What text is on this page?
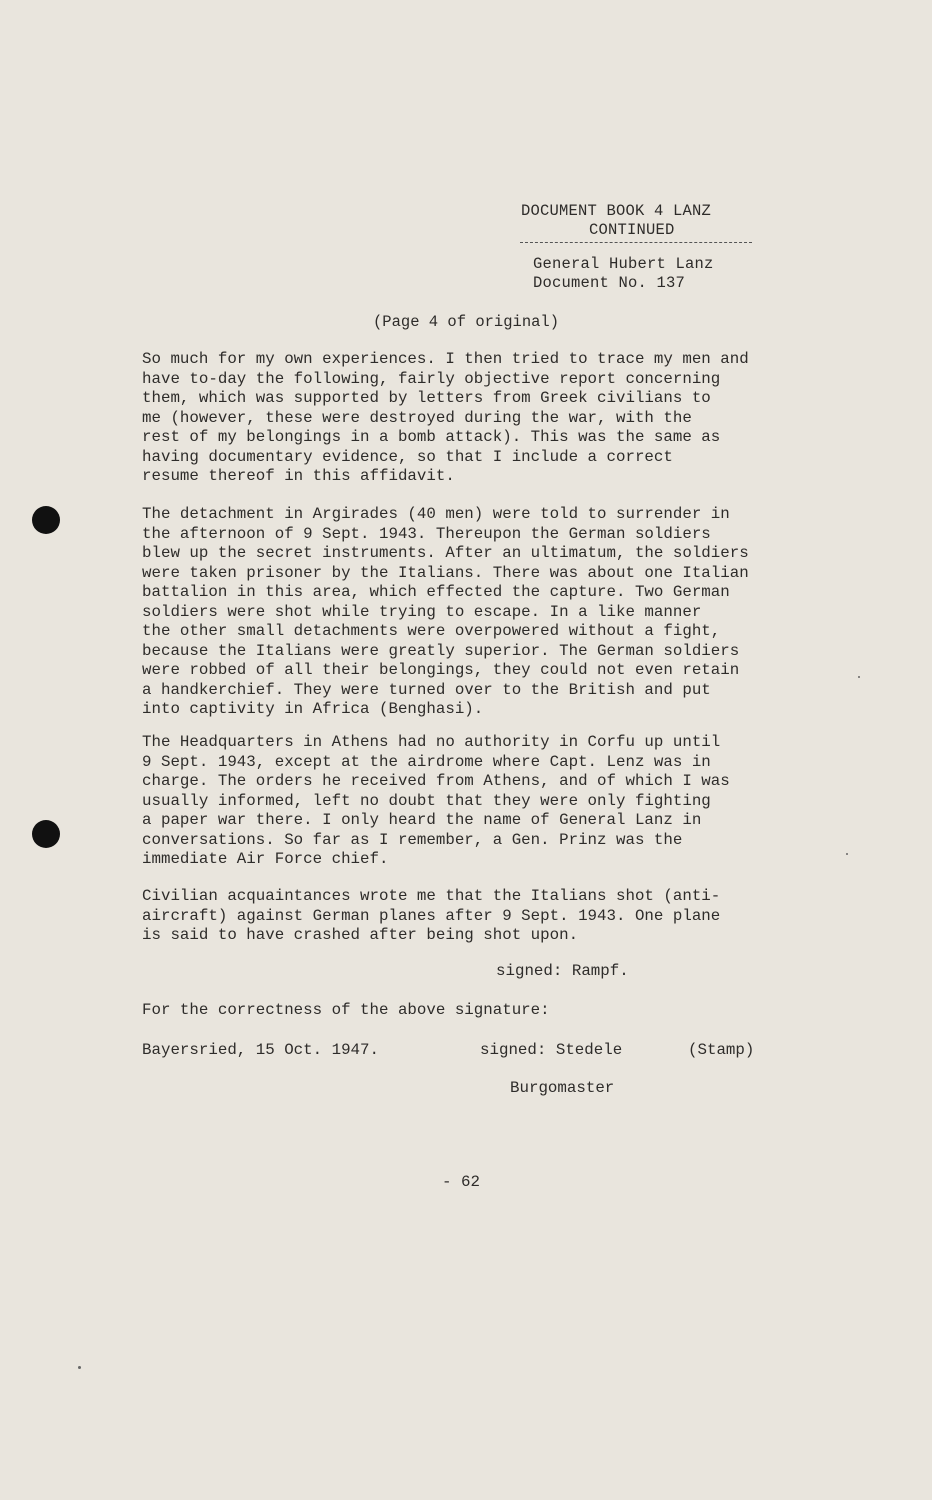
DOCUMENT BOOK 4 LANZ
CONTINUED
General Hubert Lanz
Document No. 137
(Page 4 of original)

So much for my own experiences. I then tried to trace my men and
have to-day the following, fairly objective report concerning
them, which was supported by letters from Greek civilians to
me (however, these were destroyed during the war, with the
rest of my belongings in a bomb attack). This was the same as
having documentary evidence, so that I include a correct
resume thereof in this affidavit.

The detachment in Argirades (40 men) were told to surrender in
the afternoon of 9 Sept. 1943. Thereupon the German soldiers
blew up the secret instruments. After an ultimatum, the soldiers
were taken prisoner by the Italians. There was about one Italian
battalion in this area, which effected the capture. Two German
soldiers were shot while trying to escape. In a like manner
the other small detachments were overpowered without a fight,
because the Italians were greatly superior. The German soldiers
were robbed of all their belongings, they could not even retain
a handkerchief. They were turned over to the British and put
into captivity in Africa (Benghasi).

The Headquarters in Athens had no authority in Corfu up until
9 Sept. 1943, except at the airdrome where Capt. Lenz was in
charge. The orders he received from Athens, and of which I was
usually informed, left no doubt that they were only fighting
a paper war there. I only heard the name of General Lanz in
conversations. So far as I remember, a Gen. Prinz was the
immediate Air Force chief.

Civilian acquaintances wrote me that the Italians shot (anti-
aircraft) against German planes after 9 Sept. 1943. One plane
is said to have crashed after being shot upon.

signed: Rampf.
For the correctness of the above signature:
Bayersried, 15 Oct. 1947.	signed: Stedele	(Stamp)
Burgomaster
- 62
